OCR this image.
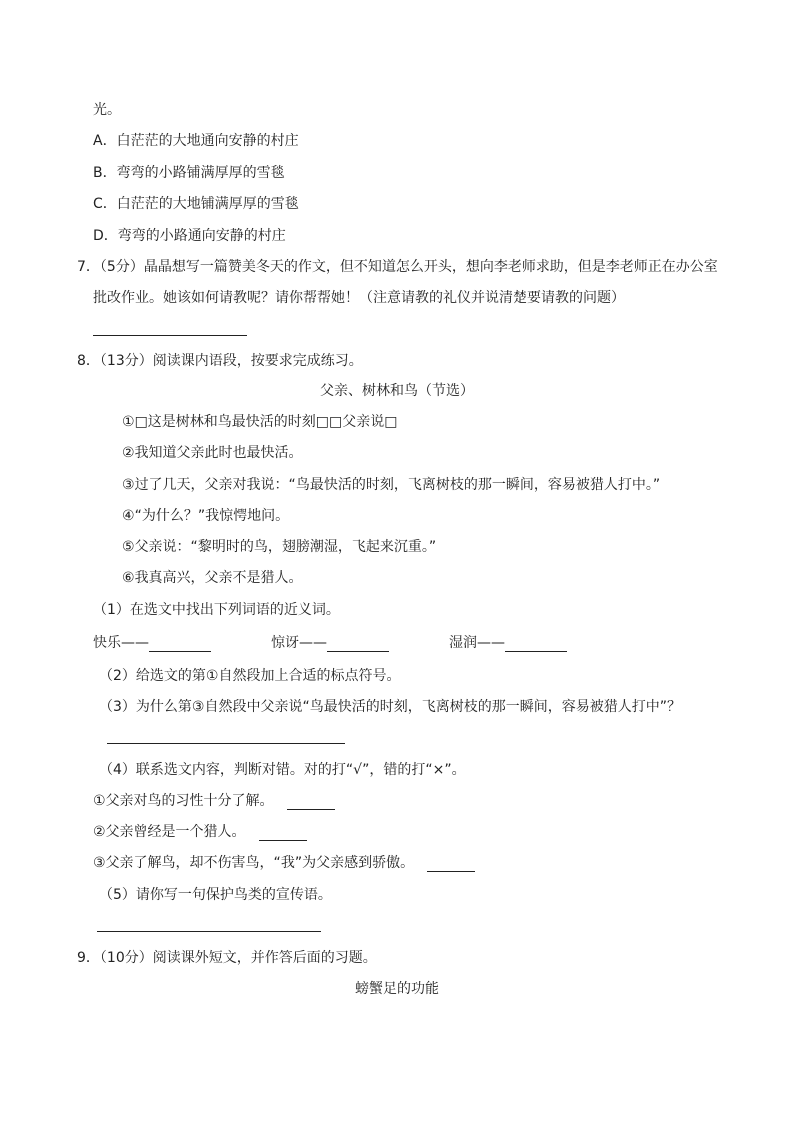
光。
A．白茫茫的大地通向安静的村庄
B．弯弯的小路铺满厚厚的雪毯
C．白茫茫的大地铺满厚厚的雪毯
D．弯弯的小路通向安静的村庄
7．（5分）晶晶想写一篇赞美冬天的作文，但不知道怎么开头，想向李老师求助，但是李老师正在办公室
批改作业。她该如何请教呢？请你帮帮她！（注意请教的礼仪并说清楚要请教的问题）
8．（13分）阅读课内语段，按要求完成练习。
父亲、树林和鸟（节选）
①□这是树林和鸟最快活的时刻□□父亲说□
②我知道父亲此时也最快活。
③过了几天，父亲对我说：“鸟最快活的时刻，飞离树枝的那一瞬间，容易被猎人打中。”
④“为什么？”我惊愕地问。
⑤父亲说：“黎明时的鸟，翅膀潮湿，飞起来沉重。”
⑥我真高兴，父亲不是猎人。
（1）在选文中找出下列词语的近义词。
快乐——	惊讶——	湿润——
（2）给选文的第①自然段加上合适的标点符号。
（3）为什么第③自然段中父亲说“鸟最快活的时刻，飞离树枝的那一瞬间，容易被猎人打中”？
（4）联系选文内容，判断对错。对的打“√”，错的打“×”。
①父亲对鸟的习性十分了解。
②父亲曾经是一个猎人。
③父亲了解鸟，却不伤害鸟，“我”为父亲感到骄傲。
（5）请你写一句保护鸟类的宣传语。
9．（10分）阅读课外短文，并作答后面的习题。
螃蟹足的功能
